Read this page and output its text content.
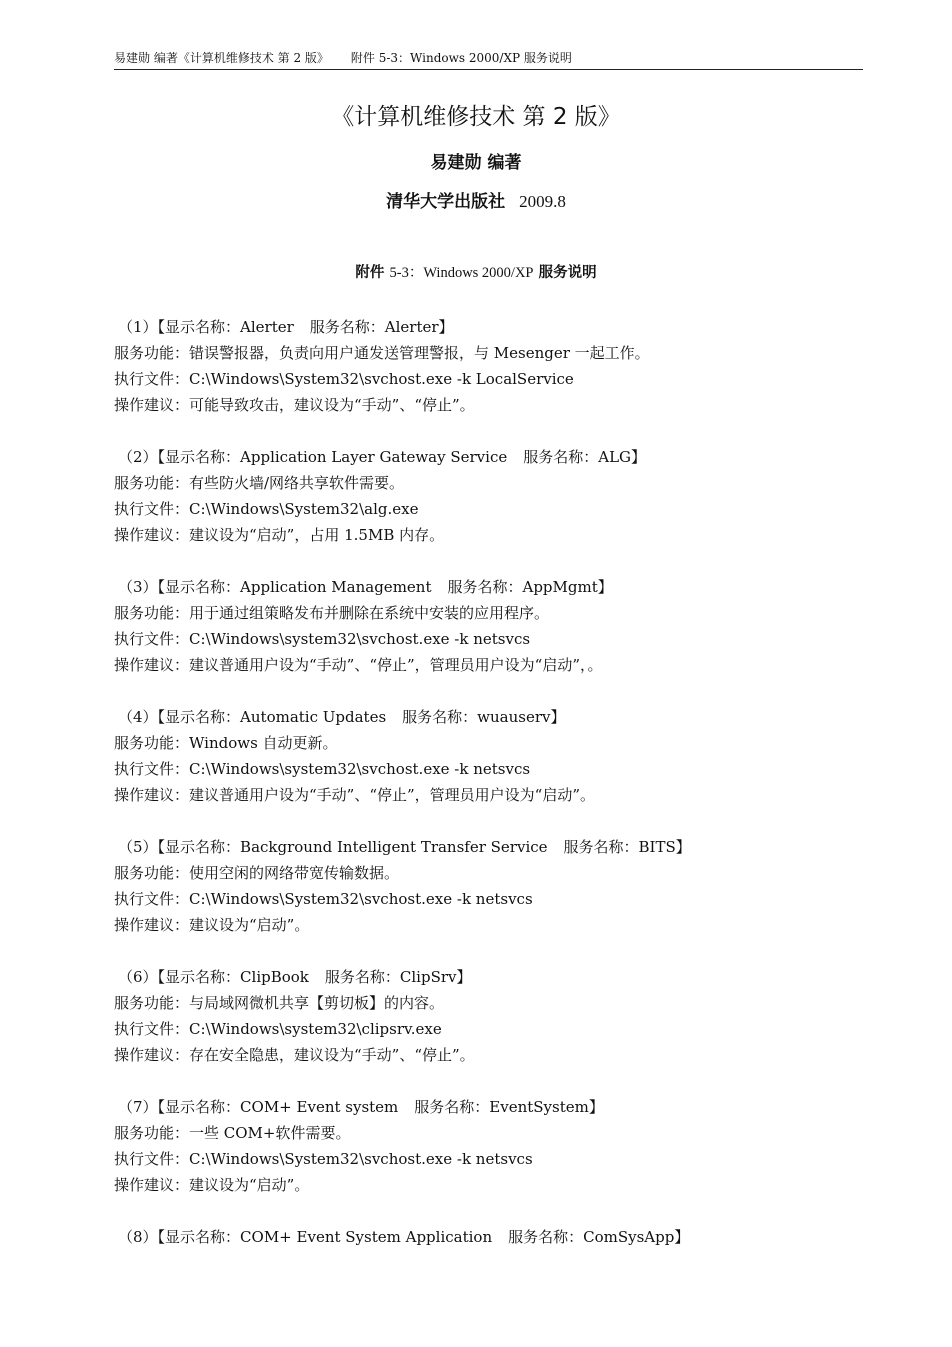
易建勋 编著《计算机维修技术 第 2 版》 附件 5-3：Windows 2000/XP 服务说明
《计算机维修技术 第 2 版》
易建勋 编著
清华大学出版社 2009.8
附件 5-3：Windows 2000/XP 服务说明
（1）【显示名称：Alerter 服务名称：Alerter】
服务功能：错误警报器，负责向用户通发送管理警报，与 Mesenger 一起工作。
执行文件：C:\Windows\System32\svchost.exe -k LocalService
操作建议：可能导致攻击，建议设为“手动”、“停止”。
（2）【显示名称：Application Layer Gateway Service 服务名称：ALG】
服务功能：有些防火墙/网络共享软件需要。
执行文件：C:\Windows\System32\alg.exe
操作建议：建议设为“启动”，占用 1.5MB 内存。
（3）【显示名称：Application Management 服务名称：AppMgmt】
服务功能：用于通过组策略发布并删除在系统中安装的应用程序。
执行文件：C:\Windows\system32\svchost.exe -k netsvcs
操作建议：建议普通用户设为“手动”、“停止”，管理员用户设为“启动”，。
（4）【显示名称：Automatic Updates 服务名称：wuauserv】
服务功能：Windows 自动更新。
执行文件：C:\Windows\system32\svchost.exe -k netsvcs
操作建议：建议普通用户设为“手动”、“停止”，管理员用户设为“启动”。
（5）【显示名称：Background Intelligent Transfer Service 服务名称：BITS】
服务功能：使用空闲的网络带宽传输数据。
执行文件：C:\Windows\System32\svchost.exe -k netsvcs
操作建议：建议设为“启动”。
（6）【显示名称：ClipBook 服务名称：ClipSrv】
服务功能：与局域网微机共享【剪切板】的内容。
执行文件：C:\Windows\system32\clipsrv.exe
操作建议：存在安全隐患，建议设为“手动”、“停止”。
（7）【显示名称：COM+ Event system 服务名称：EventSystem】
服务功能：一些 COM+软件需要。
执行文件：C:\Windows\System32\svchost.exe -k netsvcs
操作建议：建议设为“启动”。
（8）【显示名称：COM+ Event System Application 服务名称：ComSysApp】
